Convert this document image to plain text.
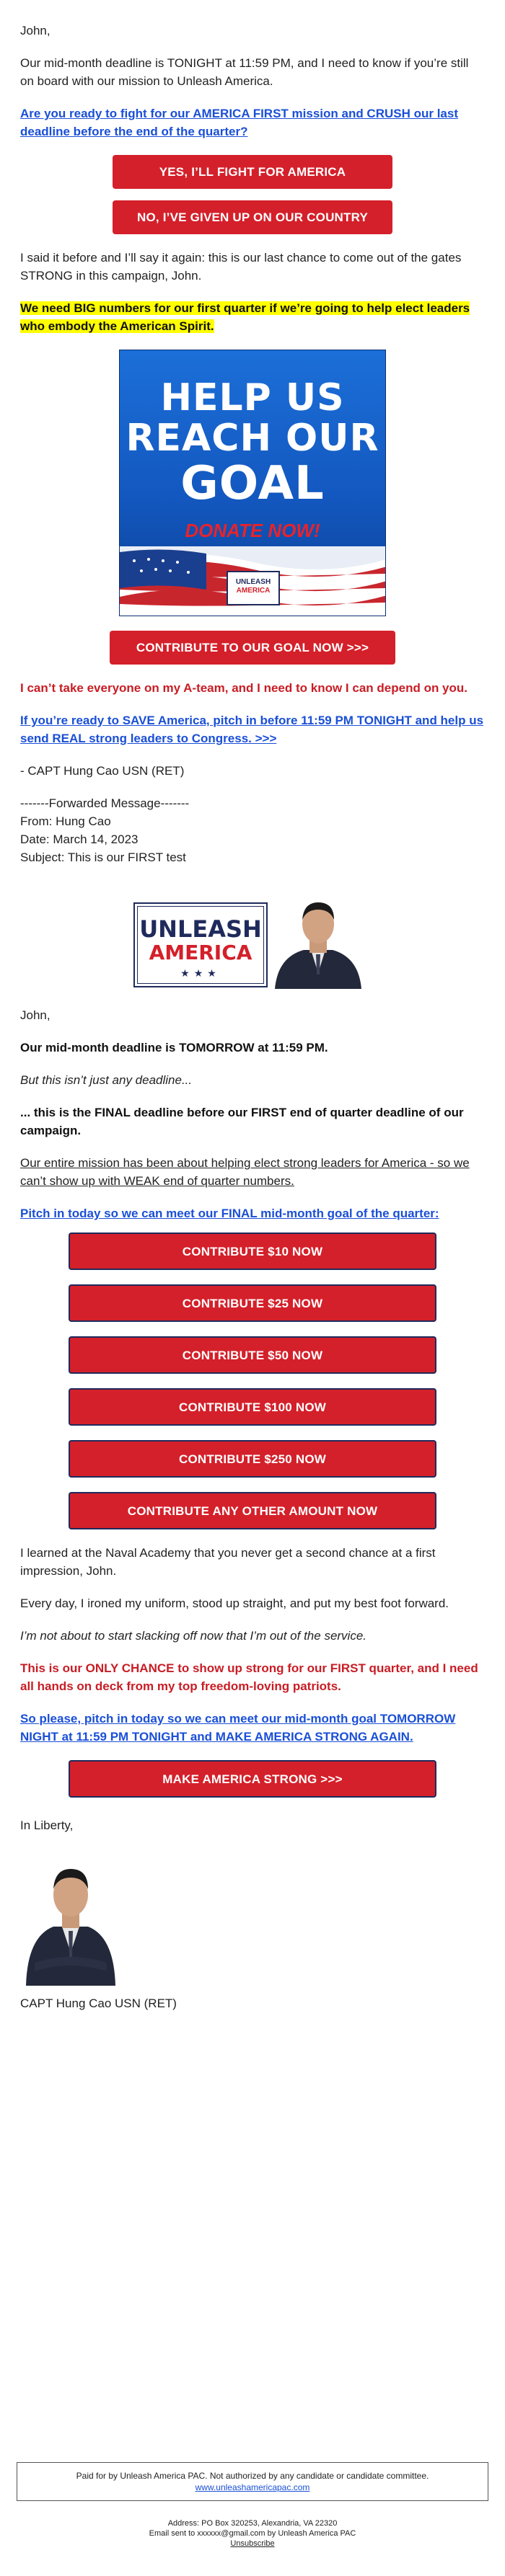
John,

Our mid-month deadline is TONIGHT at 11:59 PM, and I need to know if you’re still on board with our mission to Unleash America.

Are you ready to fight for our AMERICA FIRST mission and CRUSH our last deadline before the end of the quarter?

YES, I’LL FIGHT FOR AMERICA
NO, I’VE GIVEN UP ON OUR COUNTRY

I said it before and I’ll say it again: this is our last chance to come out of the gates STRONG in this campaign, John.

We need BIG numbers for our first quarter if we’re going to help elect leaders who embody the American Spirit.

HELP US
REACH OUR
GOAL
DONATE NOW!
UNLEASH
AMERICA
CONTRIBUTE TO OUR GOAL NOW >>>

I can’t take everyone on my A-team, and I need to know I can depend on you.

If you’re ready to SAVE America, pitch in before 11:59 PM TONIGHT and help us send REAL strong leaders to Congress. >>>

- CAPT Hung Cao USN (RET)

-------Forwarded Message-------

From: Hung Cao

Date: March 14, 2023

Subject: This is our FIRST test

UNLEASH
AMERICA
★★★

John,

Our mid-month deadline is TOMORROW at 11:59 PM.

But this isn’t just any deadline...

... this is the FINAL deadline before our FIRST end of quarter deadline of our campaign.

Our entire mission has been about helping elect strong leaders for America - so we can’t show up with WEAK end of quarter numbers.

Pitch in today so we can meet our FINAL mid-month goal of the quarter:

CONTRIBUTE $10 NOW
CONTRIBUTE $25 NOW
CONTRIBUTE $50 NOW
CONTRIBUTE $100 NOW
CONTRIBUTE $250 NOW
CONTRIBUTE ANY OTHER AMOUNT NOW

I learned at the Naval Academy that you never get a second chance at a first impression, John.

Every day, I ironed my uniform, stood up straight, and put my best foot forward.

I’m not about to start slacking off now that I’m out of the service.

This is our ONLY CHANCE to show up strong for our FIRST quarter, and I need all hands on deck from my top freedom-loving patriots.

So please, pitch in today so we can meet our mid-month goal TOMORROW NIGHT at 11:59 PM TONIGHT and MAKE AMERICA STRONG AGAIN.

MAKE AMERICA STRONG >>>

In Liberty,

CAPT Hung Cao USN (RET)

Paid for by Unleash America PAC. Not authorized by any candidate or candidate committee.
www.unleashamericapac.com
Address: PO Box 320253, Alexandria, VA 22320
Email sent to xxxxxx@gmail.com by Unleash America PAC
Unsubscribe
